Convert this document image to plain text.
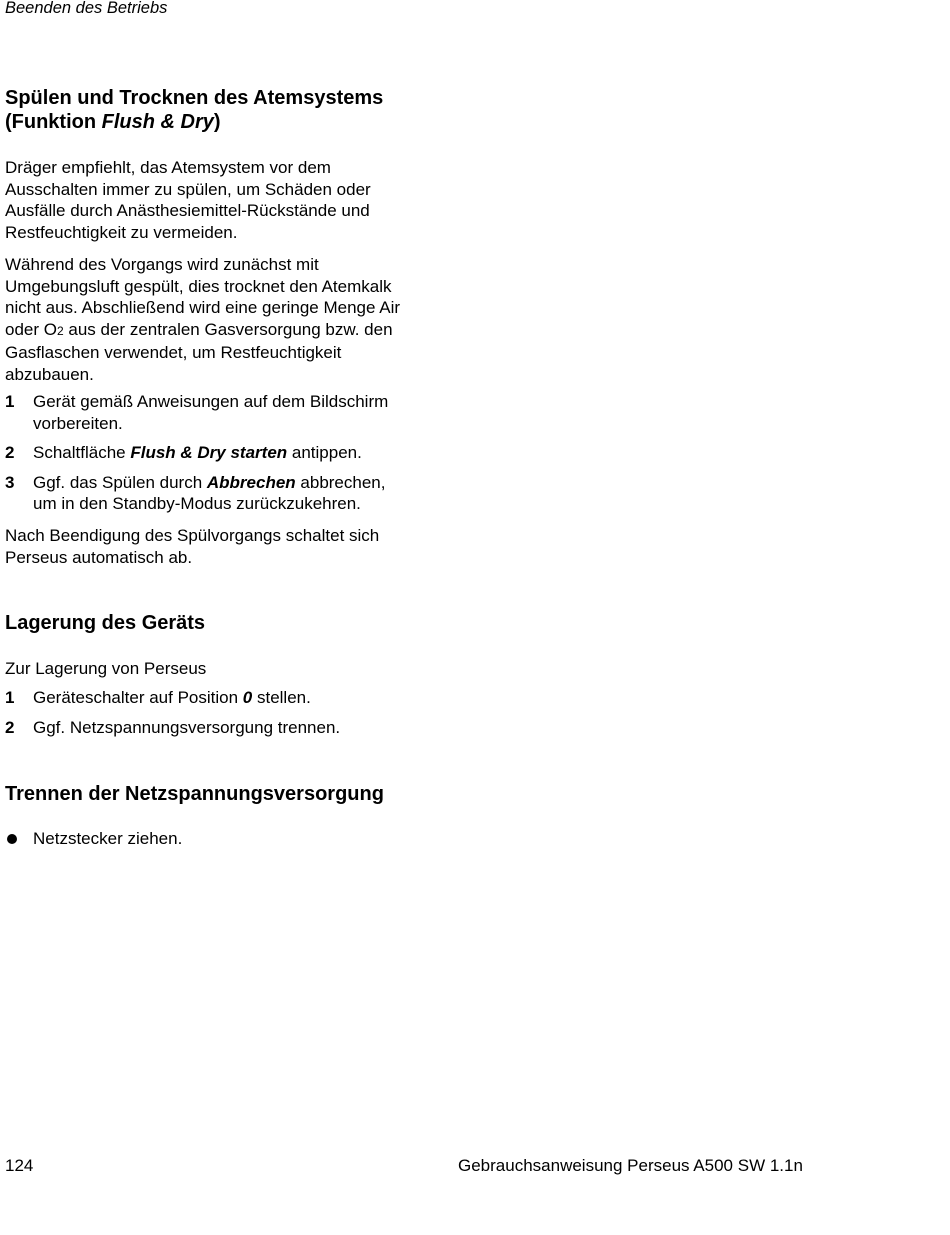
Beenden des Betriebs
Spülen und Trocknen des Atemsystems
(Funktion Flush & Dry)

Dräger empfiehlt, das Atemsystem vor dem Ausschalten immer zu spülen, um Schäden oder Ausfälle durch Anästhesiemittel-Rückstände und Restfeuchtigkeit zu vermeiden.

Während des Vorgangs wird zunächst mit Umgebungsluft gespült, dies trocknet den Atemkalk nicht aus. Abschließend wird eine geringe Menge Air oder O2 aus der zentralen Gasversorgung bzw. den Gasflaschen verwendet, um Restfeuchtigkeit abzubauen.

1 Gerät gemäß Anweisungen auf dem Bildschirm vorbereiten.
2 Schaltfläche Flush & Dry starten antippen.
3 Ggf. das Spülen durch Abbrechen abbrechen, um in den Standby-Modus zurückzukehren.

Nach Beendigung des Spülvorgangs schaltet sich Perseus automatisch ab.

Lagerung des Geräts

Zur Lagerung von Perseus

1 Geräteschalter auf Position 0 stellen.
2 Ggf. Netzspannungsversorgung trennen.
Trennen der Netzspannungsversorgung
Netzstecker ziehen.
124	Gebrauchsanweisung Perseus A500 SW 1.1n
